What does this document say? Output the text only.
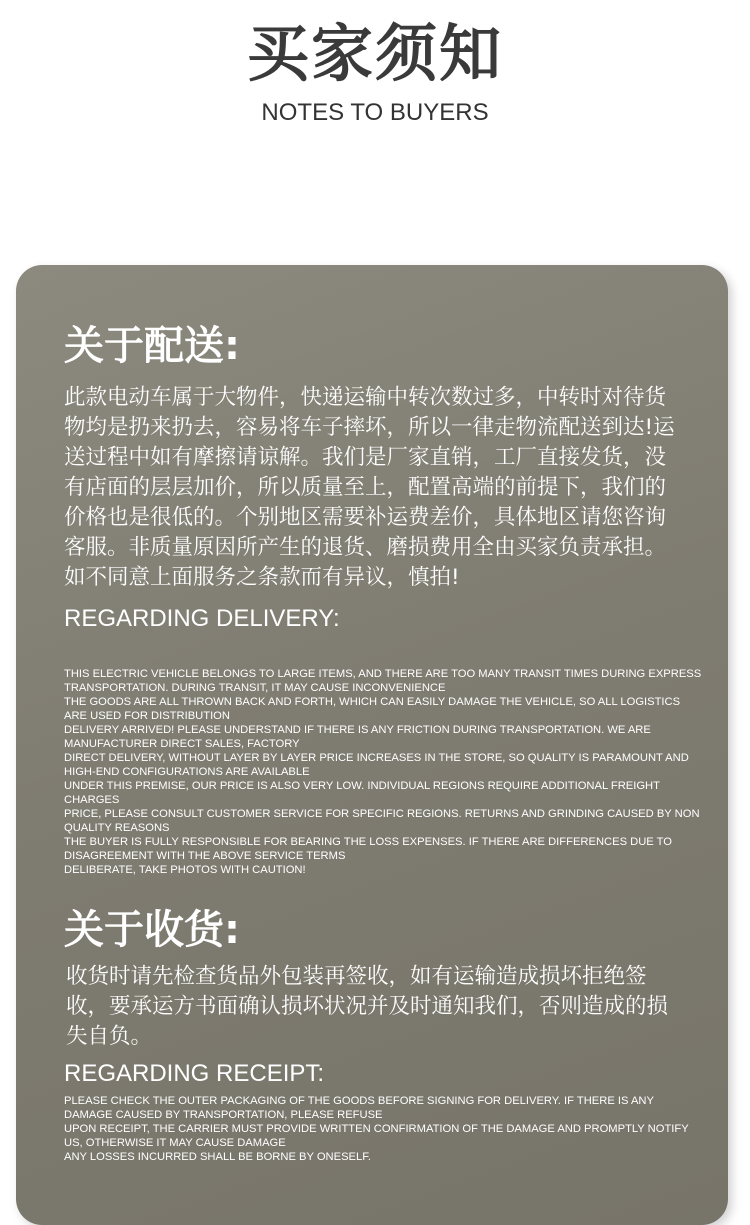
买家须知
NOTES TO BUYERS
关于配送:
此款电动车属于大物件，快递运输中转次数过多，中转时对待货物均是扔来扔去，容易将车子摔坏，所以一律走物流配送到达!运送过程中如有摩擦请谅解。我们是厂家直销，工厂直接发货，没有店面的层层加价，所以质量至上，配置高端的前提下，我们的价格也是很低的。个别地区需要补运费差价，具体地区请您咨询客服。非质量原因所产生的退货、磨损费用全由买家负责承担。如不同意上面服务之条款而有异议，慎拍!
REGARDING DELIVERY:

THIS ELECTRIC VEHICLE BELONGS TO LARGE ITEMS, AND THERE ARE TOO MANY TRANSIT TIMES DURING EXPRESS TRANSPORTATION. DURING TRANSIT, IT MAY CAUSE INCONVENIENCE

THE GOODS ARE ALL THROWN BACK AND FORTH, WHICH CAN EASILY DAMAGE THE VEHICLE, SO ALL LOGISTICS ARE USED FOR DISTRIBUTION

DELIVERY ARRIVED! PLEASE UNDERSTAND IF THERE IS ANY FRICTION DURING TRANSPORTATION. WE ARE MANUFACTURER DIRECT SALES, FACTORY

DIRECT DELIVERY, WITHOUT LAYER BY LAYER PRICE INCREASES IN THE STORE, SO QUALITY IS PARAMOUNT AND HIGH-END CONFIGURATIONS ARE AVAILABLE

UNDER THIS PREMISE, OUR PRICE IS ALSO VERY LOW. INDIVIDUAL REGIONS REQUIRE ADDITIONAL FREIGHT CHARGES

PRICE, PLEASE CONSULT CUSTOMER SERVICE FOR SPECIFIC REGIONS. RETURNS AND GRINDING CAUSED BY NON QUALITY REASONS

THE BUYER IS FULLY RESPONSIBLE FOR BEARING THE LOSS EXPENSES. IF THERE ARE DIFFERENCES DUE TO DISAGREEMENT WITH THE ABOVE SERVICE TERMS

DELIBERATE, TAKE PHOTOS WITH CAUTION!

关于收货:
收货时请先检查货品外包装再签收，如有运输造成损坏拒绝签收，要承运方书面确认损坏状况并及时通知我们，否则造成的损失自负。
REGARDING RECEIPT:

PLEASE CHECK THE OUTER PACKAGING OF THE GOODS BEFORE SIGNING FOR DELIVERY. IF THERE IS ANY DAMAGE CAUSED BY TRANSPORTATION, PLEASE REFUSE

UPON RECEIPT, THE CARRIER MUST PROVIDE WRITTEN CONFIRMATION OF THE DAMAGE AND PROMPTLY NOTIFY US, OTHERWISE IT MAY CAUSE DAMAGE

ANY LOSSES INCURRED SHALL BE BORNE BY ONESELF.
